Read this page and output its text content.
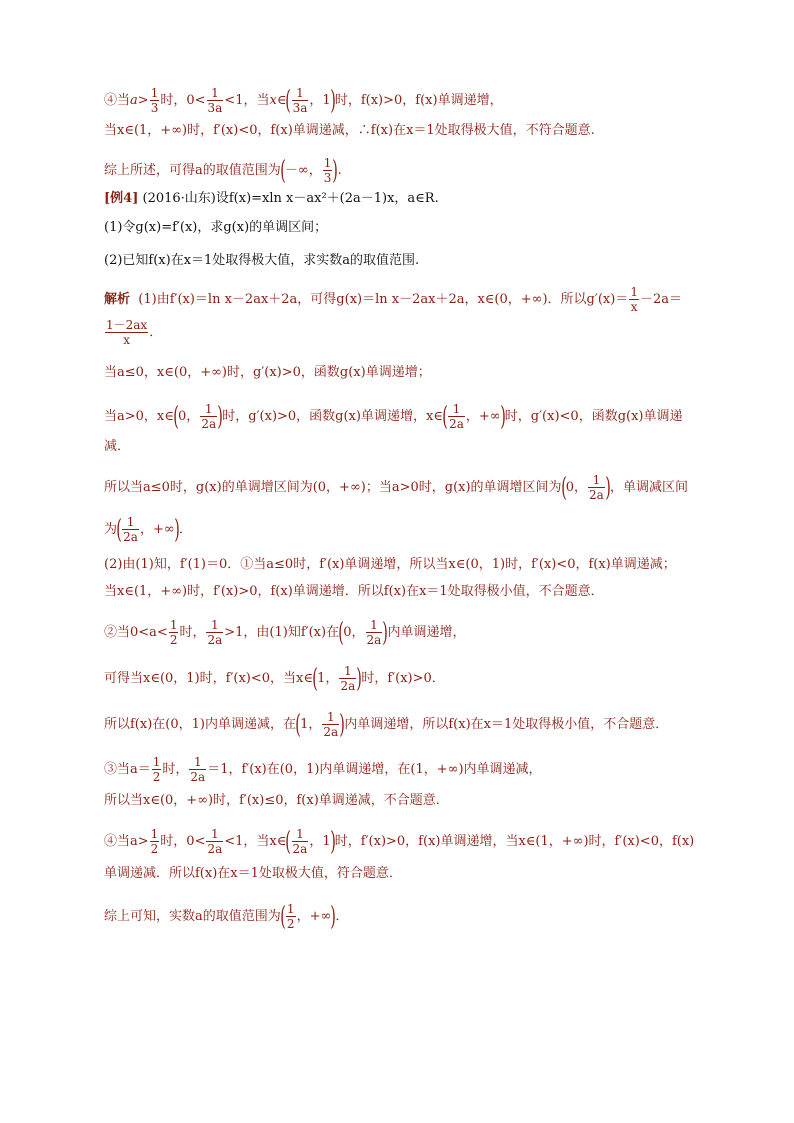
④当$a> \frac{1}{3}$ 时，$0< \frac{1}{3a} <1$，当x∈( $\frac{1}{3a}$ ，1)时，f(x)>0，f(x)单调递增，
当x∈(1，+∞)时，f′(x)<0，f(x)单调递减，∴f(x)在x＝1处取得极大值，不符合题意.
综上所述，可得a的取值范围为(－∞， $\frac{1}{3}$ ).
[例4] (2016·山东)设f(x)=xln x－ax²＋(2a－1)x，a∈R.
(1)令g(x)=f′(x)，求g(x)的单调区间；
(2)已知f(x)在x＝1处取得极大值，求实数a的取值范围.
解析 (1)由f′(x)＝ln x－2ax＋2a，可得g(x)＝ln x－2ax＋2a，x∈(0，+∞)．所以$g'(x)= \frac{1}{x} -2a=$
$\frac{1-2ax}{x}$ ．
当a≤0，x∈(0，+∞)时，g′(x)>0，函数g(x)单调递增；
当a>0，x∈(0， $\frac{1}{2a}$ )时，g′(x)>0，函数g(x)单调递增，x∈( $\frac{1}{2a}$ ，+∞)时，g′(x)<0，函数g(x)单调递
减．
所以当a≤0时，g(x)的单调增区间为(0，+∞)；当a>0时，g(x)的单调增区间为(0， $\frac{1}{2a}$ )，单调减区间
为( $\frac{1}{2a}$ ，+∞)．
(2)由(1)知，f′(1)＝0．①当a≤0时，f′(x)单调递增，所以当x∈(0，1)时，f′(x)<0，f(x)单调递减；
当x∈(1，+∞)时，f′(x)>0，f(x)单调递增．所以f(x)在x＝1处取得极小值，不合题意．
②当$0<a< \frac{1}{2}$ 时， $\frac{1}{2a} >1$，由(1)知f′(x)在(0， $\frac{1}{2a}$ )内单调递增，
可得当x∈(0，1)时，f′(x)<0，当x∈(1， $\frac{1}{2a}$ )时，f′(x)>0．
所以f(x)在(0，1)内单调递减，在(1， $\frac{1}{2a}$ )内单调递增，所以f(x)在x＝1处取得极小值，不合题意．
③当$a= \frac{1}{2}$ 时， $\frac{1}{2a} =1$，f′(x)在(0，1)内单调递增，在(1，+∞)内单调递减，
所以当x∈(0，+∞)时，f′(x)≤0，f(x)单调递减，不合题意．
④当$a> \frac{1}{2}$ 时，$0< \frac{1}{2a} <1$，当x∈( $\frac{1}{2a}$ ，1)时，f′(x)>0，f(x)单调递增，当x∈(1，+∞)时，f′(x)<0，f(x)
单调递减．所以f(x)在x＝1处取极大值，符合题意．
综上可知，实数a的取值范围为( $\frac{1}{2}$ ，+∞)．
